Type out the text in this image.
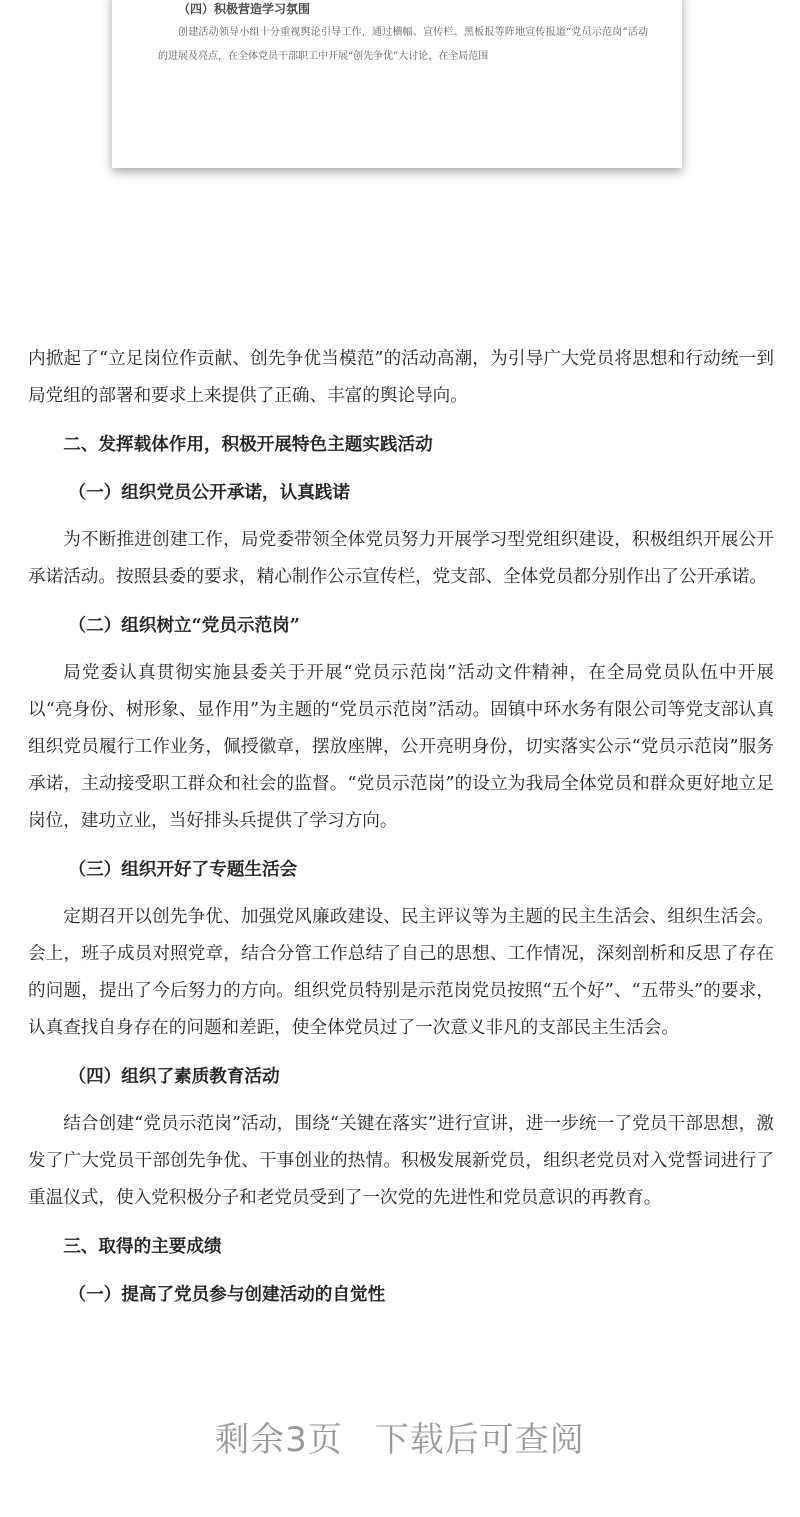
（四）积极营造学习氛围
创建活动领导小组十分重视舆论引导工作，通过横幅、宣传栏、黑板报等阵地宣传报道“党员示范岗”活动的进展及亮点，在全体党员干部职工中开展“创先争优”大讨论，在全局范围

内掀起了“立足岗位作贡献、创先争优当模范”的活动高潮，为引导广大党员将思想和行动统一到局党组的部署和要求上来提供了正确、丰富的舆论导向。

二、发挥载体作用，积极开展特色主题实践活动
（一）组织党员公开承诺，认真践诺

为不断推进创建工作，局党委带领全体党员努力开展学习型党组织建设，积极组织开展公开承诺活动。按照县委的要求，精心制作公示宣传栏，党支部、全体党员都分别作出了公开承诺。

（二）组织树立“党员示范岗”

局党委认真贯彻实施县委关于开展“党员示范岗”活动文件精神，在全局党员队伍中开展以“亮身份、树形象、显作用”为主题的“党员示范岗”活动。固镇中环水务有限公司等党支部认真组织党员履行工作业务，佩授徽章，摆放座牌，公开亮明身份，切实落实公示“党员示范岗”服务承诺，主动接受职工群众和社会的监督。“党员示范岗”的设立为我局全体党员和群众更好地立足岗位，建功立业，当好排头兵提供了学习方向。

（三）组织开好了专题生活会

定期召开以创先争优、加强党风廉政建设、民主评议等为主题的民主生活会、组织生活会。会上，班子成员对照党章，结合分管工作总结了自己的思想、工作情况，深刻剖析和反思了存在的问题，提出了今后努力的方向。组织党员特别是示范岗党员按照“五个好”、“五带头”的要求，认真查找自身存在的问题和差距，使全体党员过了一次意义非凡的支部民主生活会。

（四）组织了素质教育活动

结合创建“党员示范岗”活动，围绕“关键在落实”进行宣讲，进一步统一了党员干部思想，激发了广大党员干部创先争优、干事创业的热情。积极发展新党员，组织老党员对入党誓词进行了重温仪式，使入党积极分子和老党员受到了一次党的先进性和党员意识的再教育。

三、取得的主要成绩
（一）提高了党员参与创建活动的自觉性
剩余3页 下载后可查阅
